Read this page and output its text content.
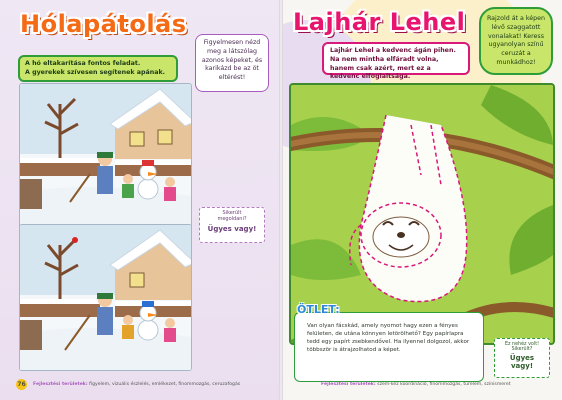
Hólapátolás
A hó eltakarítása fontos feladat.
A gyerekek szívesen segítenek apának.
Figyelmesen nézd meg a látszólag azonos képeket, és karikázd be az öt eltérést!
Sikerült
megoldani?
Ügyes vagy!
76 Fejlesztési területek: figyelem, vizuális észlelés, emlékezet, finommozgás, ceruzafogás
Lajhár Lehel
Lajhár Lehel a kedvenc ágán pihen. Na nem mintha elfáradt volna, hanem csak azért, mert ez a kedvenc elfoglaltsága.
Rajzold át a képen lévő szaggatott vonalakat! Keress ugyanolyan színű ceruzát a munkádhoz!
ÖTLET:
Van olyan fácskád, amely nyomot hagy ezen a fényes felületen, de utána könnyen letörölhető? Egy papírlapra tedd egy papírt zsebkendővel. Ha ilyennel dolgozol, akkor többször is átrajzolhatod a képet.
Ez nehéz volt!
Sikerült?
Ügyes vagy!
Fejlesztési területek: szem-kéz koordináció, finommozgás, türelem, színismeret
